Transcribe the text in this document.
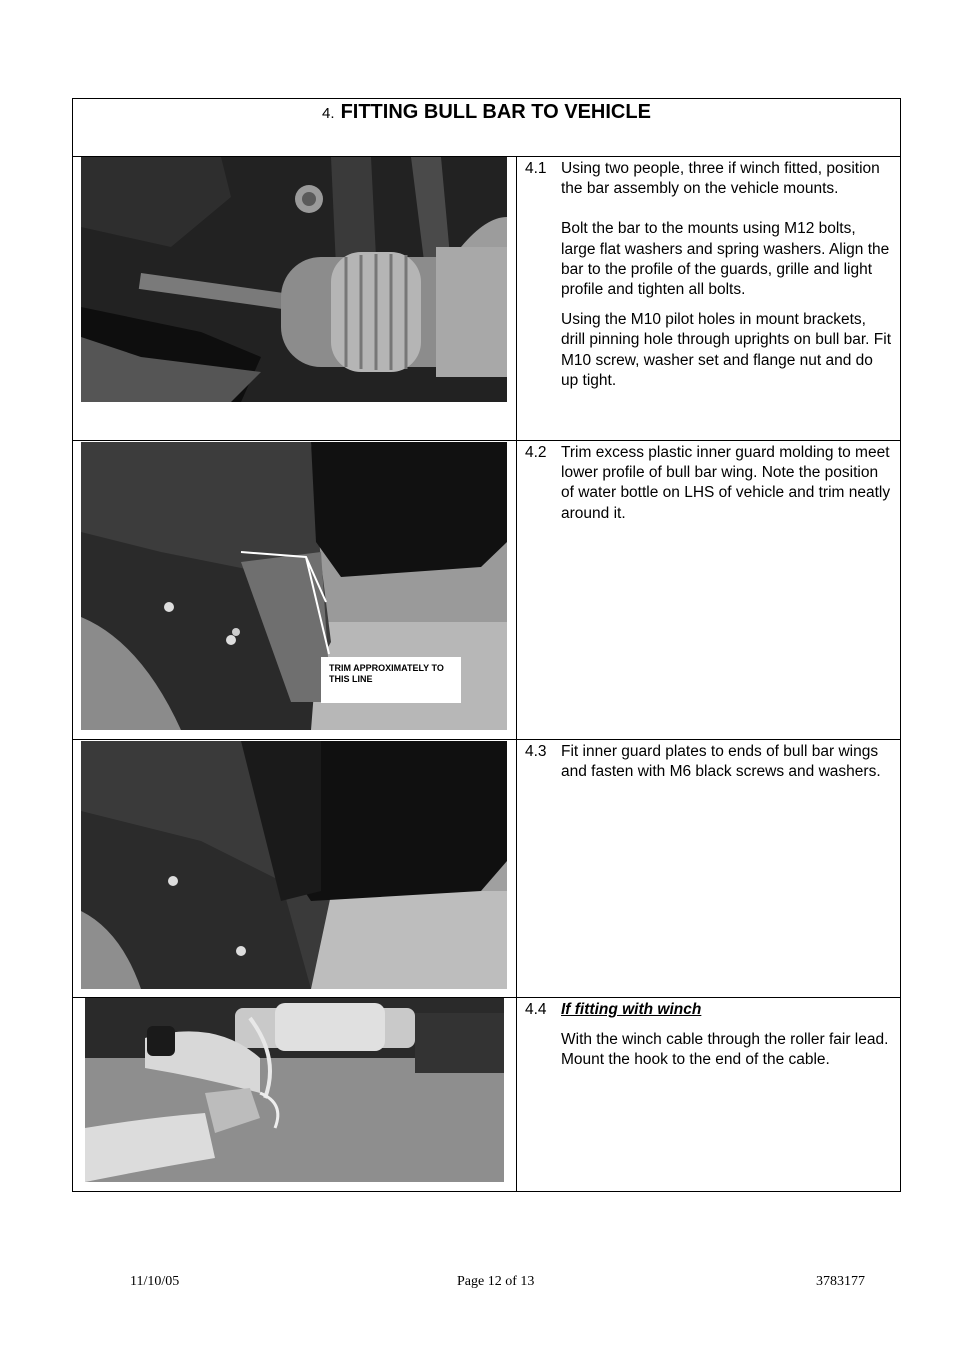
4. FITTING BULL BAR TO VEHICLE
4.1 Using two people, three if winch fitted, position the bar assembly on the vehicle mounts.
Bolt the bar to the mounts using M12 bolts, large flat washers and spring washers. Align the bar to the profile of the guards, grille and light profile and tighten all bolts.
Using the M10 pilot holes in mount brackets, drill pinning hole through uprights on bull bar. Fit M10 screw, washer set and flange nut and do up tight.
TRIM APPROXIMATELY TO THIS LINE
4.2 Trim excess plastic inner guard molding to meet lower profile of bull bar wing. Note the position of water bottle on LHS of vehicle and trim neatly around it.
4.3 Fit inner guard plates to ends of bull bar wings and fasten with M6 black screws and washers.
4.4 If fitting with winch
With the winch cable through the roller fair lead. Mount the hook to the end of the cable.
11/10/05	Page 12 of 13	3783177
